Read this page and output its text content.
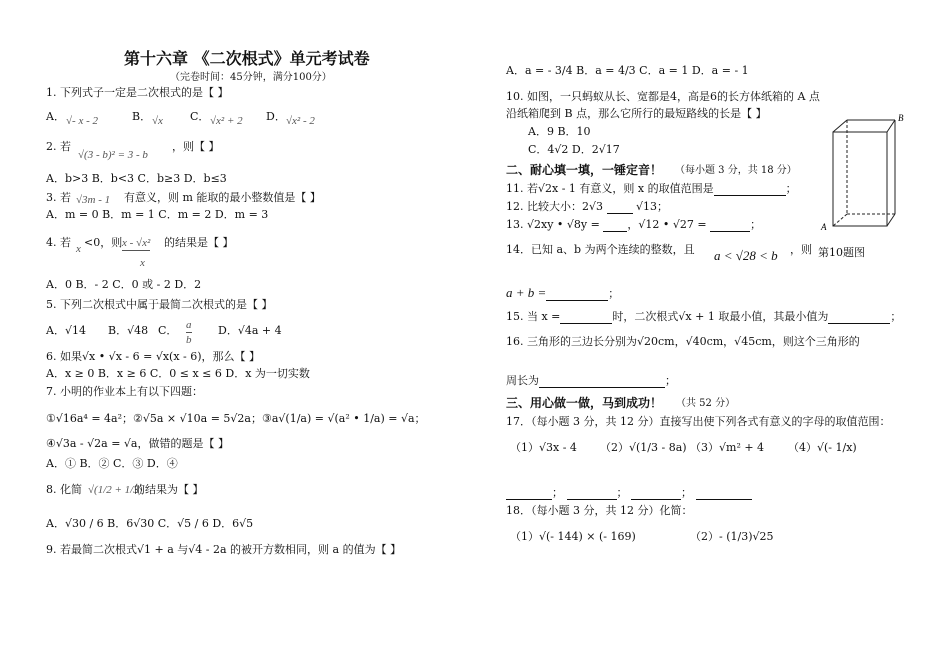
第十六章 《二次根式》单元考试卷
（完卷时间：45分钟，满分100分）
1. 下列式子一定是二次根式的是【 】
A． √- x - 2	B． √x C． √x² + 2 D． √x² - 2
2. 若
√(3 - b)² = 3 - b
，则【 】
A．b>3 B．b<3 C．b≥3 D．b≤3
3. 若 √3m - 1 有意义，则 m 能取的最小整数值是【 】
A．m = 0 B．m = 1 C．m = 2 D．m = 3
4. 若 x <0，则 x - √x²
x
的结果是【 】
A．0 B．- 2 C．0 或 - 2 D．2
5. 下列二次根式中属于最简二次根式的是【 】
A．√14 B．√48 C． a
b
D．√4a + 4
6. 如果√x • √x - 6 = √x(x - 6)，那么【 】
A．x ≥ 0 B．x ≥ 6 C．0 ≤ x ≤ 6 D．x 为一切实数
7. 小明的作业本上有以下四题：
①√16a⁴ = 4a²；②√5a × √10a = 5√2a；③a√(1/a) = √(a² • 1/a) = √a；
④√3a - √2a = √a，做错的题是【 】
A．① B．② C．③ D．④
8. 化简 √(1/2 + 1/3)
的结果为【 】
A．√30 / 6 B．6√30 C．√5 / 6 D．6√5
9. 若最简二次根式√1 + a 与√4 - 2a 的被开方数相同，则 a 的值为【 】
A．a = - 3/4 B．a = 4/3 C．a = 1 D．a = - 1
10. 如图，一只蚂蚁从长、宽都是4，高是6的长方体纸箱的 A 点
沿纸箱爬到 B 点，那么它所行的最短路线的长是【 】
A．9 B．10
C．4√2 D．2√17
A
B
第10题图
二、耐心填一填，一锤定音！ （每小题 3 分，共 18 分）
11. 若√2x - 1 有意义，则 x 的取值范围是	；
12. 比较大小：2√3  √13；
13. √2xy • √8y = ，√12 • √27 =	；
14．已知 a、b 为两个连续的整数，且 a < √28 < b ，则
a + b =	；
15. 当 x =	时，二次根式√x + 1 取最小值，其最小值为	；
16. 三角形的三边长分别为√20cm，√40cm，√45cm，则这个三角形的
周长为	；
三、用心做一做，马到成功！ （共 52 分）
17．（每小题 3 分，共 12 分）直接写出使下列各式有意义的字母的取值范围：
（1）√3x - 4 （2）√(1/3 - 8a) （3）√m² + 4 （4）√(- 1/x)
；	；	；
18．（每小题 3 分，共 12 分）化简：
（1）√(- 144) × (- 169)	（2）- (1/3)√25
